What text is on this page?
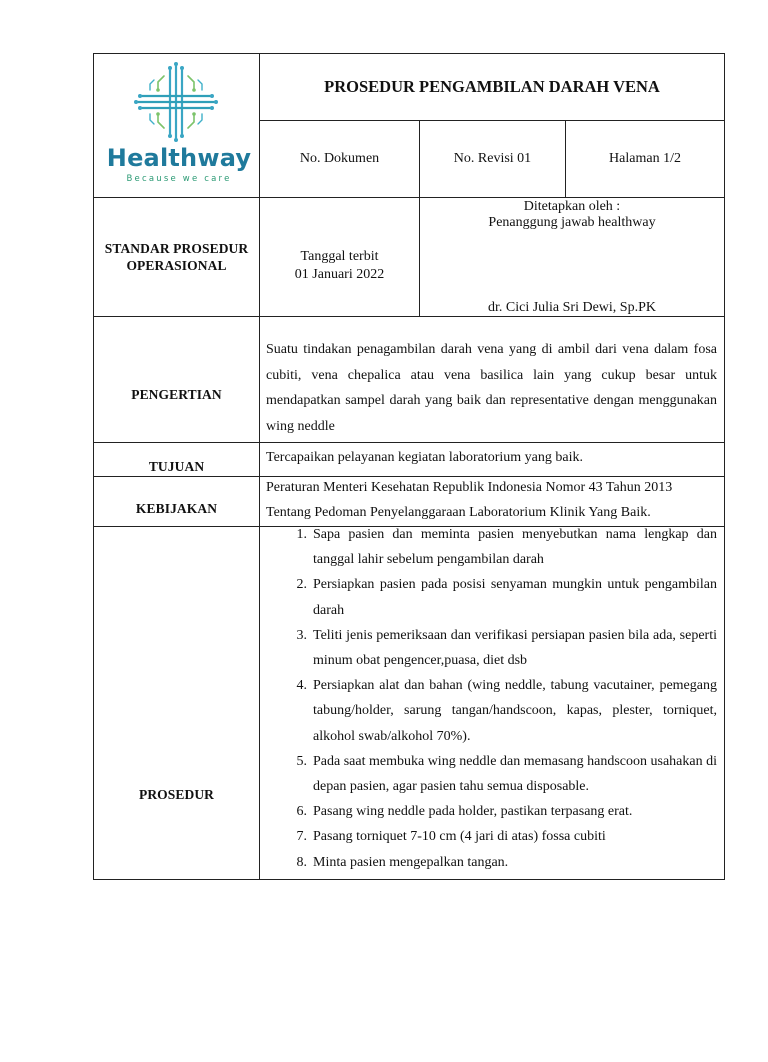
Healthway
Because we care
PROSEDUR PENGAMBILAN DARAH VENA
No. Dokumen	No. Revisi 01	Halaman 1/2
STANDAR PROSEDUR
OPERASIONAL
Tanggal terbit
01 Januari 2022
Ditetapkan oleh :
Penanggung jawab healthway
dr. Cici Julia Sri Dewi, Sp.PK
PENGERTIAN
Suatu tindakan penagambilan darah vena yang di ambil dari vena dalam fosa cubiti, vena chepalica atau vena basilica lain yang cukup besar untuk mendapatkan sampel darah yang baik dan representative dengan menggunakan wing neddle
TUJUAN
Tercapaikan pelayanan kegiatan laboratorium yang baik.
KEBIJAKAN
Peraturan Menteri Kesehatan Republik Indonesia Nomor 43 Tahun 2013
Tentang Pedoman Penyelanggaraan Laboratorium Klinik Yang Baik.
PROSEDUR
1. Sapa pasien dan meminta pasien menyebutkan nama lengkap dan tanggal lahir sebelum pengambilan darah
2. Persiapkan pasien pada posisi senyaman mungkin untuk pengambilan darah
3. Teliti jenis pemeriksaan dan verifikasi persiapan pasien bila ada, seperti minum obat pengencer,puasa, diet dsb
4. Persiapkan alat dan bahan (wing neddle, tabung vacutainer, pemegang tabung/holder, sarung tangan/handscoon, kapas, plester, torniquet, alkohol swab/alkohol 70%).
5. Pada saat membuka wing neddle dan memasang handscoon usahakan di depan pasien, agar pasien tahu semua disposable.
6. Pasang wing neddle pada holder, pastikan terpasang erat.
7. Pasang torniquet 7-10 cm (4 jari di atas) fossa cubiti
8. Minta pasien mengepalkan tangan.
